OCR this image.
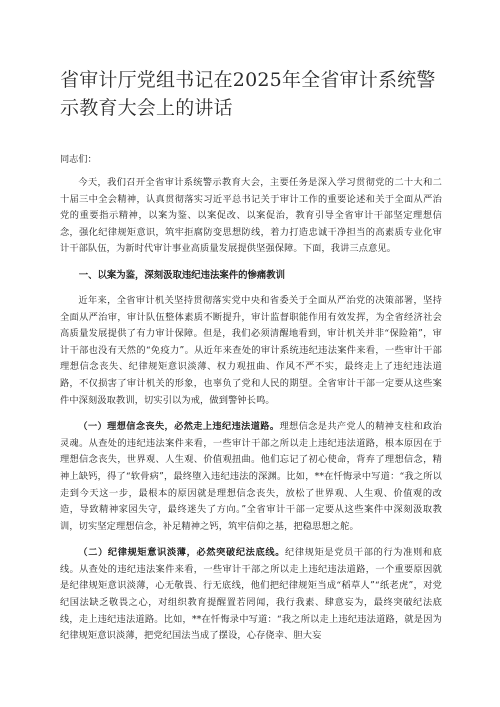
省审计厅党组书记在2025年全省审计系统警示教育大会上的讲话
同志们：

今天，我们召开全省审计系统警示教育大会，主要任务是深入学习贯彻党的二十大和二十届三中全会精神，认真贯彻落实习近平总书记关于审计工作的重要论述和关于全面从严治党的重要指示精神，以案为鉴、以案促改、以案促治，教育引导全省审计干部坚定理想信念，强化纪律规矩意识，筑牢拒腐防变思想防线，着力打造忠诚干净担当的高素质专业化审计干部队伍，为新时代审计事业高质量发展提供坚强保障。下面，我讲三点意见。

一、以案为鉴，深刻汲取违纪违法案件的惨痛教训

近年来，全省审计机关坚持贯彻落实党中央和省委关于全面从严治党的决策部署，坚持全面从严治审，审计队伍整体素质不断提升，审计监督职能作用有效发挥，为全省经济社会高质量发展提供了有力审计保障。但是，我们必须清醒地看到，审计机关并非“保险箱”，审计干部也没有天然的“免疫力”。从近年来查处的审计系统违纪违法案件来看，一些审计干部理想信念丧失、纪律规矩意识淡薄、权力观扭曲、作风不严不实，最终走上了违纪违法道路，不仅损害了审计机关的形象，也辜负了党和人民的期望。全省审计干部一定要从这些案件中深刻汲取教训，切实引以为戒，做到警钟长鸣。

（一）理想信念丧失，必然走上违纪违法道路。理想信念是共产党人的精神支柱和政治灵魂。从查处的违纪违法案件来看，一些审计干部之所以走上违纪违法道路，根本原因在于理想信念丧失，世界观、人生观、价值观扭曲。他们忘记了初心使命，背弃了理想信念，精神上缺钙，得了“软骨病”，最终堕入违纪违法的深渊。比如，**在忏悔录中写道：“我之所以走到今天这一步，最根本的原因就是理想信念丧失，放松了世界观、人生观、价值观的改造，导致精神家园失守，最终迷失了方向。”全省审计干部一定要从这些案件中深刻汲取教训，切实坚定理想信念，补足精神之钙，筑牢信仰之基，把稳思想之舵。

（二）纪律规矩意识淡薄，必然突破纪法底线。纪律规矩是党员干部的行为准则和底线。从查处的违纪违法案件来看，一些审计干部之所以走上违纪违法道路，一个重要原因就是纪律规矩意识淡薄，心无敬畏、行无底线，他们把纪律规矩当成“稻草人”“纸老虎”，对党纪国法缺乏敬畏之心，对组织教育提醒置若罔闻，我行我素、肆意妄为，最终突破纪法底线，走上违纪违法道路。比如，**在忏悔录中写道：“我之所以走上违纪违法道路，就是因为纪律规矩意识淡薄，把党纪国法当成了摆设，心存侥幸、胆大妄
